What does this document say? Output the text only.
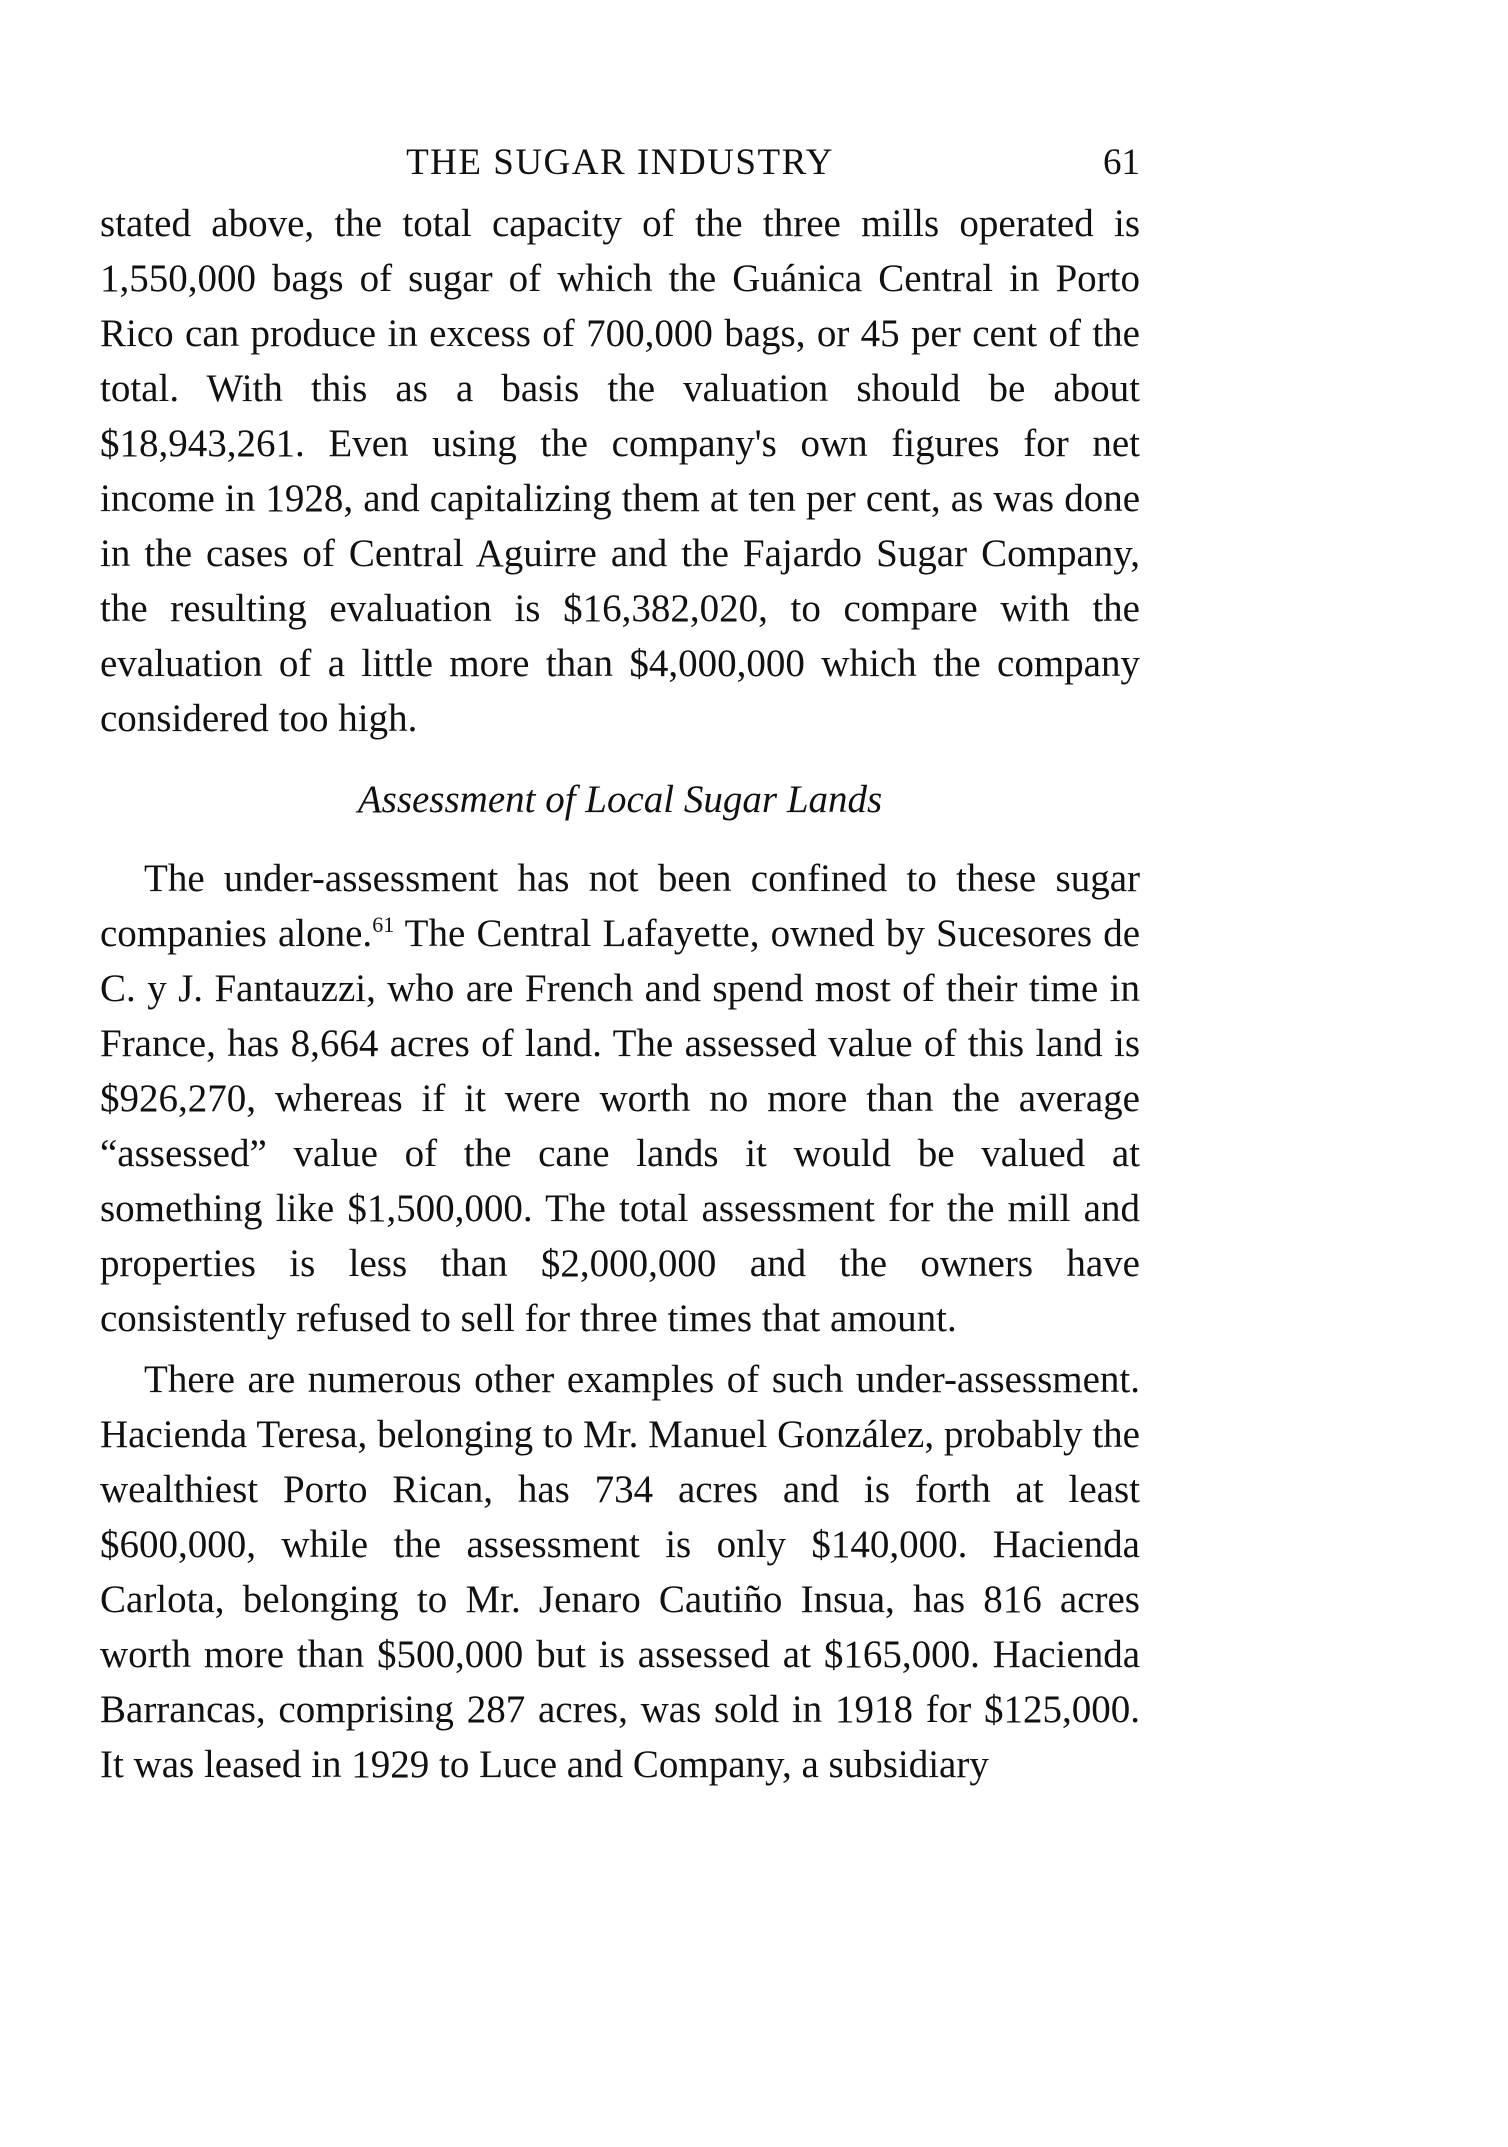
THE SUGAR INDUSTRY	61

stated above, the total capacity of the three mills operated is 1,550,000 bags of sugar of which the Guánica Central in Porto Rico can produce in excess of 700,000 bags, or 45 per cent of the total. With this as a basis the valuation should be about $18,943,261. Even using the company's own figures for net income in 1928, and capitalizing them at ten per cent, as was done in the cases of Central Aguirre and the Fajardo Sugar Company, the resulting evaluation is $16,382,020, to compare with the evaluation of a little more than $4,000,000 which the company considered too high.

Assessment of Local Sugar Lands

The under-assessment has not been confined to these sugar companies alone.$^{61}$ The Central Lafayette, owned by Sucesores de C. y J. Fantauzzi, who are French and spend most of their time in France, has 8,664 acres of land. The assessed value of this land is $926,270, whereas if it were worth no more than the average “assessed” value of the cane lands it would be valued at something like $1,500,000. The total assessment for the mill and properties is less than $2,000,000 and the owners have consistently refused to sell for three times that amount.

There are numerous other examples of such under-assessment. Hacienda Teresa, belonging to Mr. Manuel González, probably the wealthiest Porto Rican, has 734 acres and is forth at least $600,000, while the assessment is only $140,000. Hacienda Carlota, belonging to Mr. Jenaro Cautiño Insua, has 816 acres worth more than $500,000 but is assessed at $165,000. Hacienda Barrancas, comprising 287 acres, was sold in 1918 for $125,000. It was leased in 1929 to Luce and Company, a subsidiary
